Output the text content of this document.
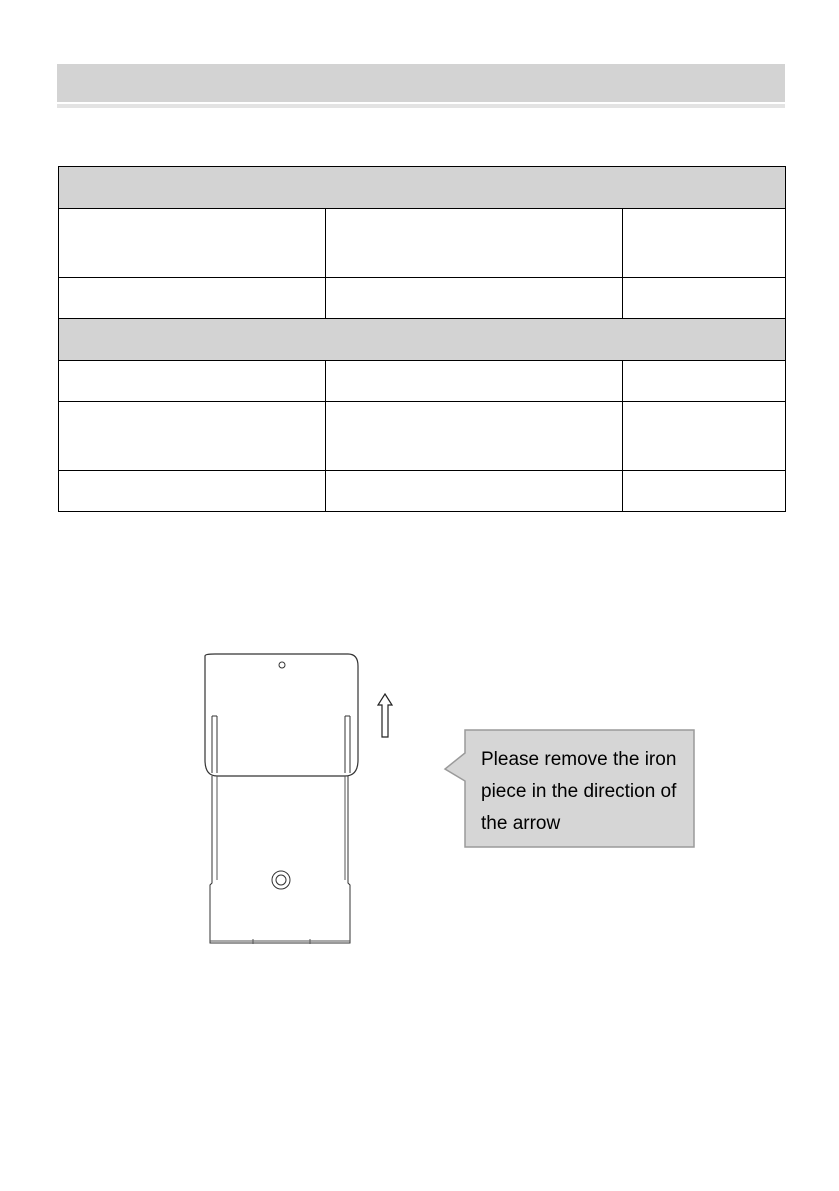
Please remove the iron piece in the direction of the arrow
